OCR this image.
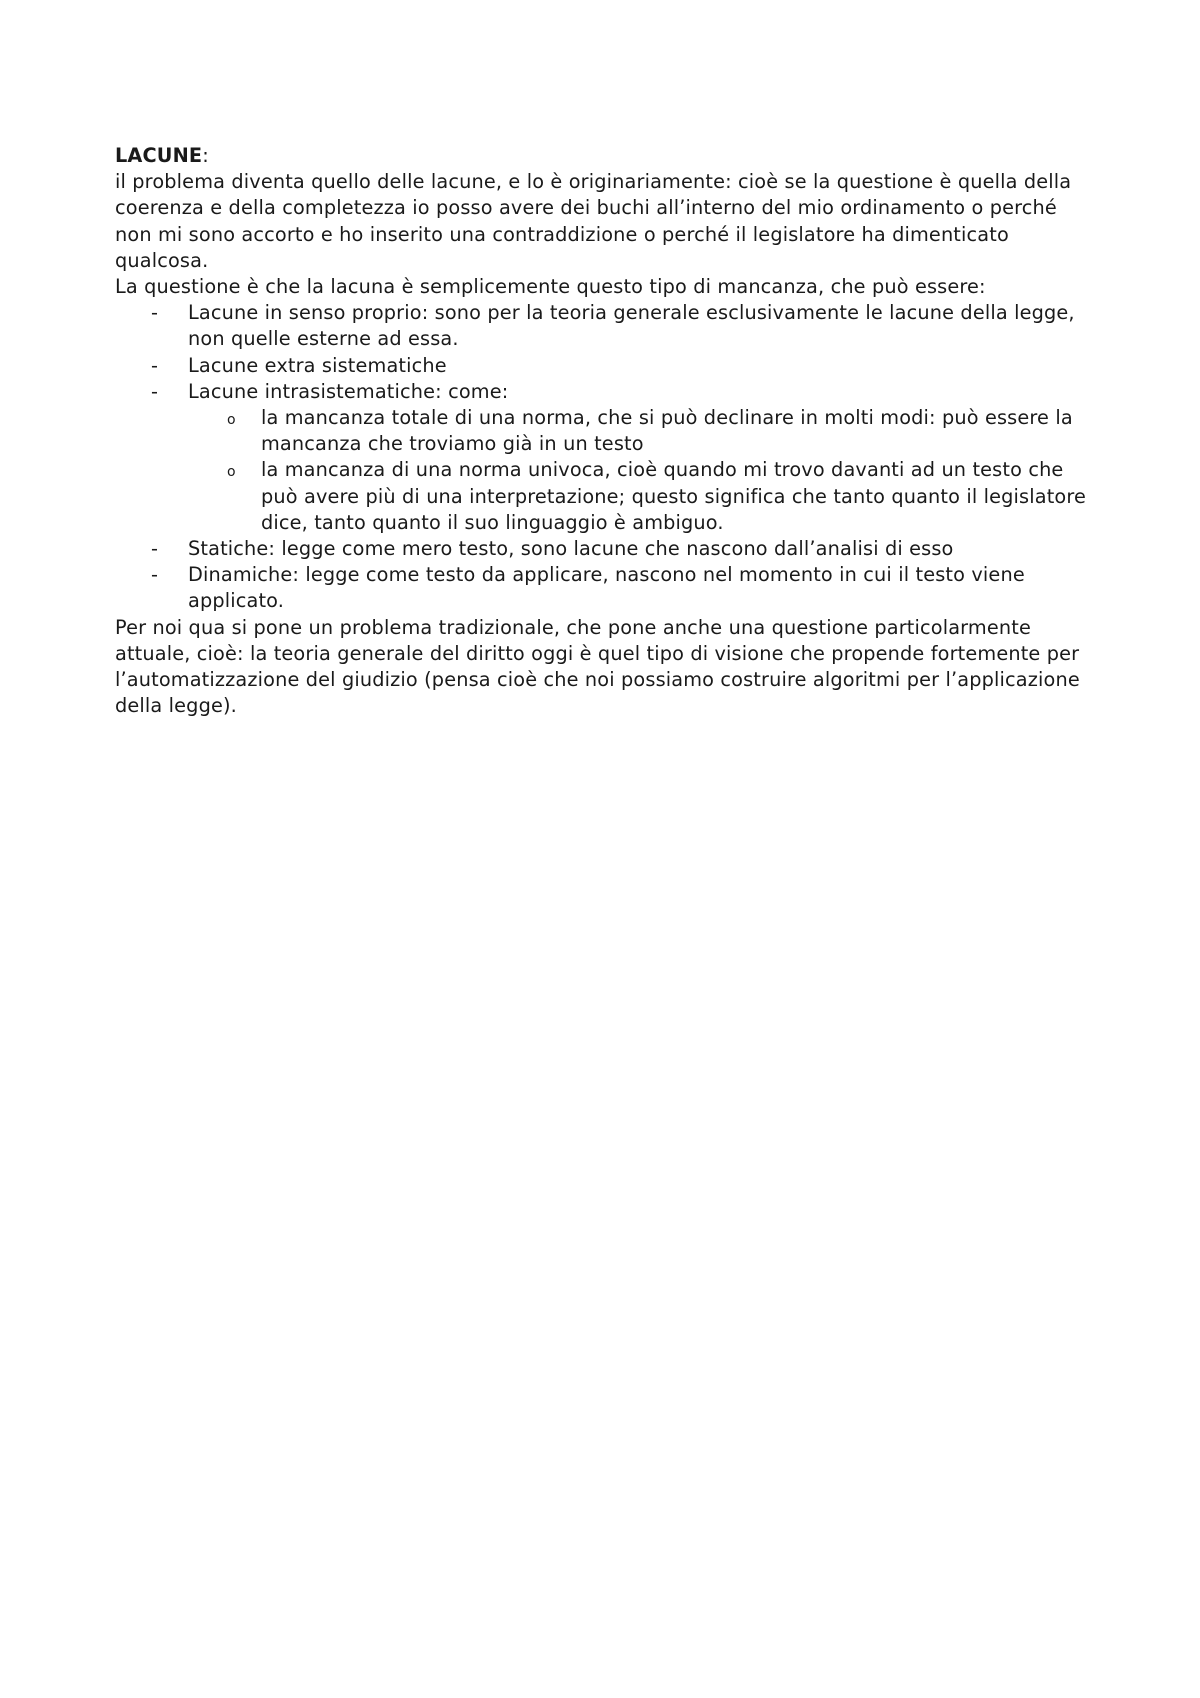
LACUNE:

il problema diventa quello delle lacune, e lo è originariamente: cioè se la questione è quella della coerenza e della completezza io posso avere dei buchi all’interno del mio ordinamento o perché non mi sono accorto e ho inserito una contraddizione o perché il legislatore ha dimenticato qualcosa.

La questione è che la lacuna è semplicemente questo tipo di mancanza, che può essere:

- Lacune in senso proprio: sono per la teoria generale esclusivamente le lacune della legge, non quelle esterne ad essa.
- Lacune extra sistematiche
- Lacune intrasistematiche: come:
o la mancanza totale di una norma, che si può declinare in molti modi: può essere la mancanza che troviamo già in un testo
o la mancanza di una norma univoca, cioè quando mi trovo davanti ad un testo che può avere più di una interpretazione; questo significa che tanto quanto il legislatore dice, tanto quanto il suo linguaggio è ambiguo.
- Statiche: legge come mero testo, sono lacune che nascono dall’analisi di esso
- Dinamiche: legge come testo da applicare, nascono nel momento in cui il testo viene applicato.

Per noi qua si pone un problema tradizionale, che pone anche una questione particolarmente attuale, cioè: la teoria generale del diritto oggi è quel tipo di visione che propende fortemente per l’automatizzazione del giudizio (pensa cioè che noi possiamo costruire algoritmi per l’applicazione della legge).
